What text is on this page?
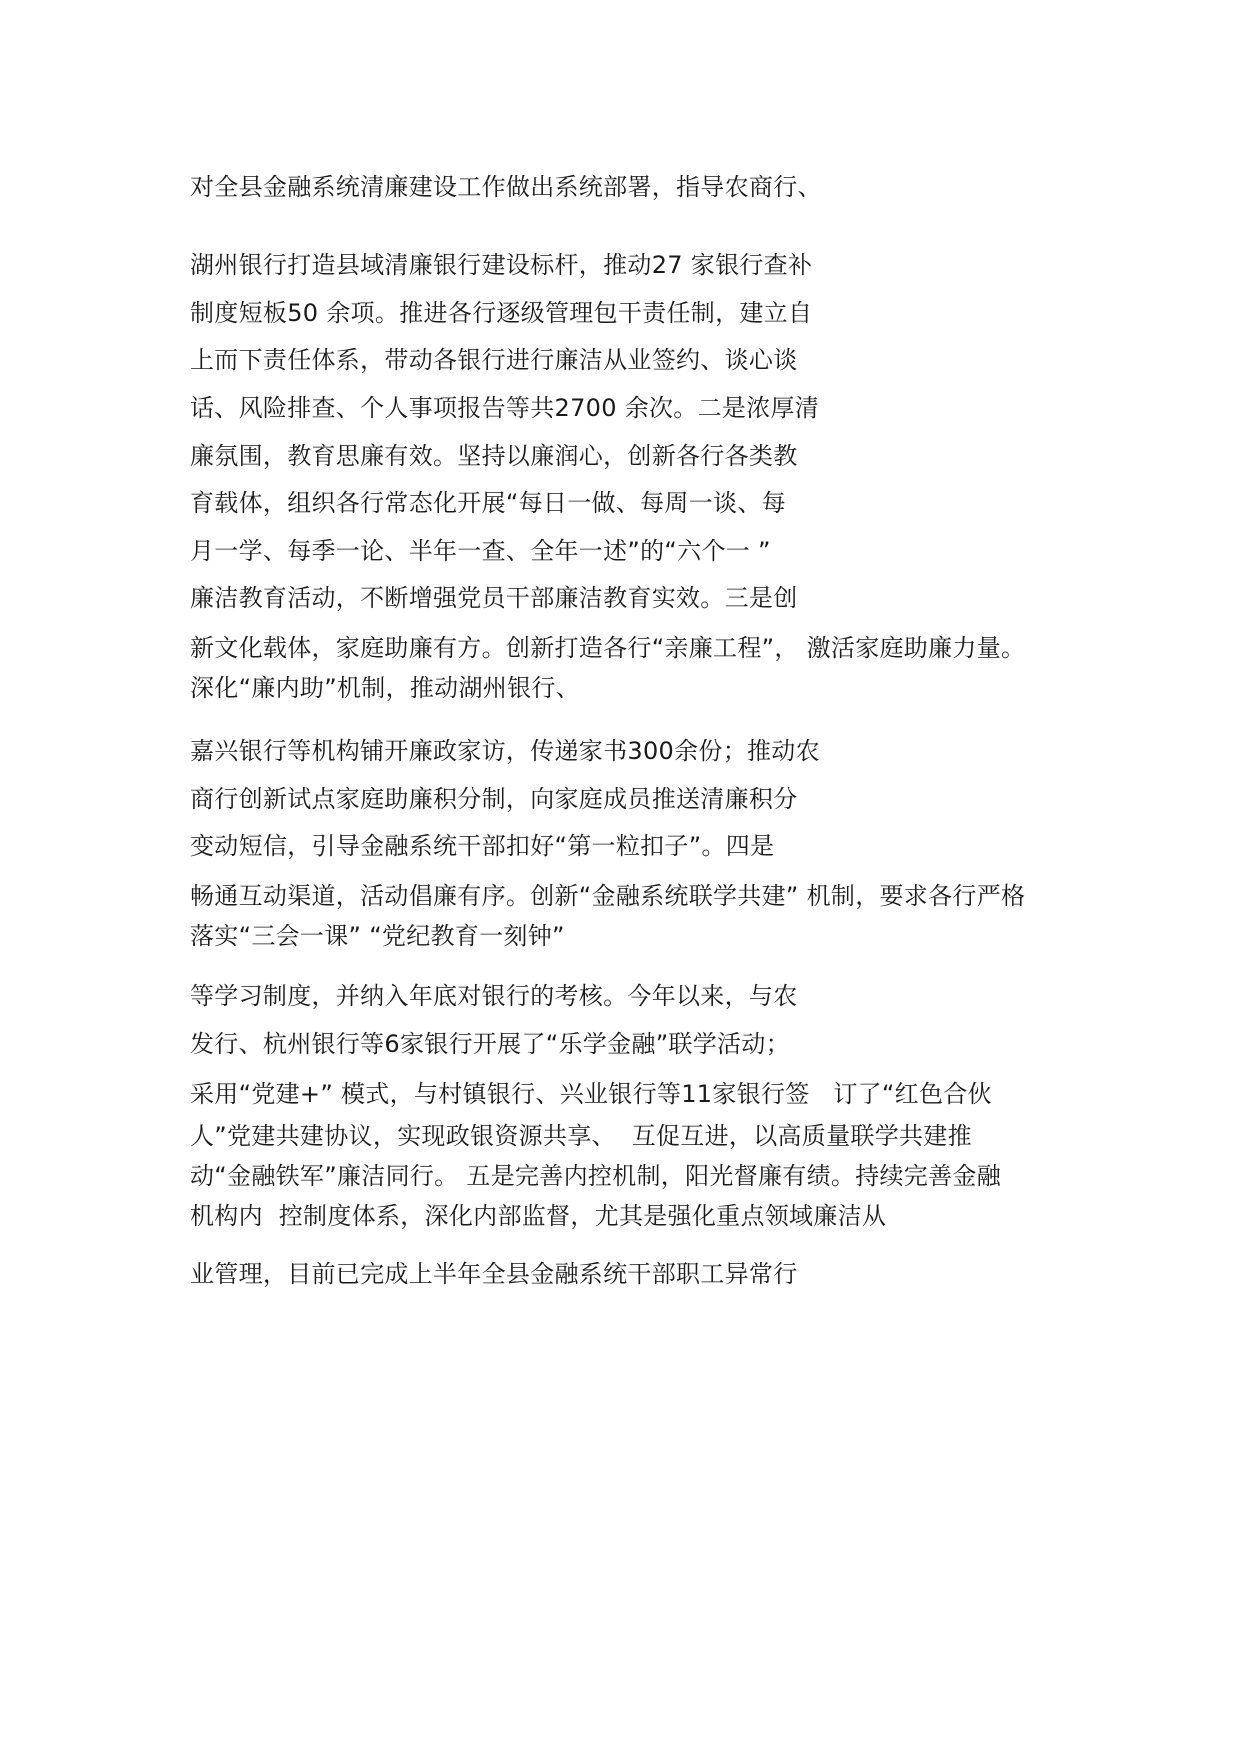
对全县金融系统清廉建设工作做出系统部署，指导农商行、
湖州银行打造县域清廉银行建设标杆，推动27 家银行查补
制度短板50 余项。推进各行逐级管理包干责任制，建立自
上而下责任体系，带动各银行进行廉洁从业签约、谈心谈
话、风险排查、个人事项报告等共2700 余次。二是浓厚清
廉氛围，教育思廉有效。坚持以廉润心，创新各行各类教
育载体，组织各行常态化开展“每日一做、每周一谈、每
月一学、每季一论、半年一查、全年一述”的“六个一 ”
廉洁教育活动，不断增强党员干部廉洁教育实效。三是创
新文化载体，家庭助廉有方。创新打造各行“亲廉工程”， 激活家庭助廉力量。
深化“廉内助”机制，推动湖州银行、
嘉兴银行等机构铺开廉政家访，传递家书300余份；推动农
商行创新试点家庭助廉积分制，向家庭成员推送清廉积分
变动短信，引导金融系统干部扣好“第一粒扣子”。四是
畅通互动渠道，活动倡廉有序。创新“金融系统联学共建” 机制，要求各行严格
落实“三会一课” “党纪教育一刻钟”
等学习制度，并纳入年底对银行的考核。今年以来，与农
发行、杭州银行等6家银行开展了“乐学金融”联学活动；
采用“党建+” 模式，与村镇银行、兴业银行等11家银行签   订了“红色合伙
人”党建共建协议，实现政银资源共享、  互促互进，以高质量联学共建推
动“金融铁军”廉洁同行。 五是完善内控机制，阳光督廉有绩。持续完善金融
机构内  控制度体系，深化内部监督，尤其是强化重点领域廉洁从
业管理，目前已完成上半年全县金融系统干部职工异常行
